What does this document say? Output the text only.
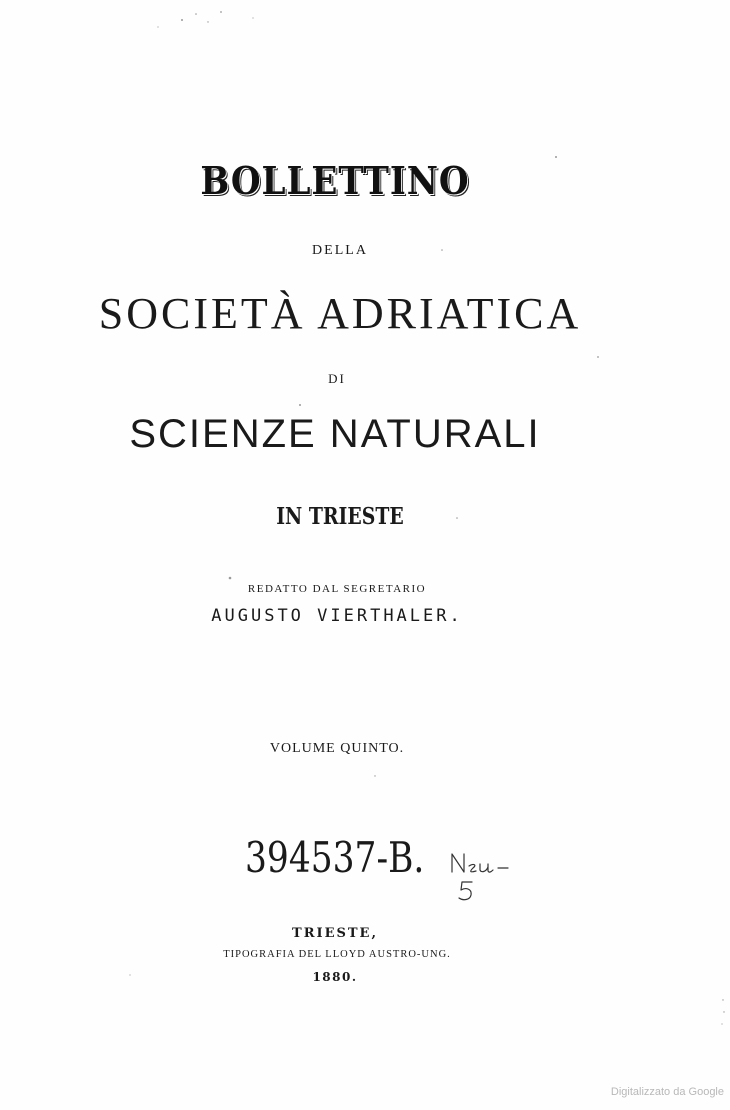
BOLLETTINO
DELLA
SOCIETÀ ADRIATICA
DI
SCIENZE NATURALI
IN TRIESTE
REDATTO DAL SEGRETARIO
AUGUSTO VIERTHALER.
VOLUME QUINTO.
394537-B.
TRIESTE,
TIPOGRAFIA DEL LLOYD AUSTRO-UNG.
1880.
Digitalizzato da Google
